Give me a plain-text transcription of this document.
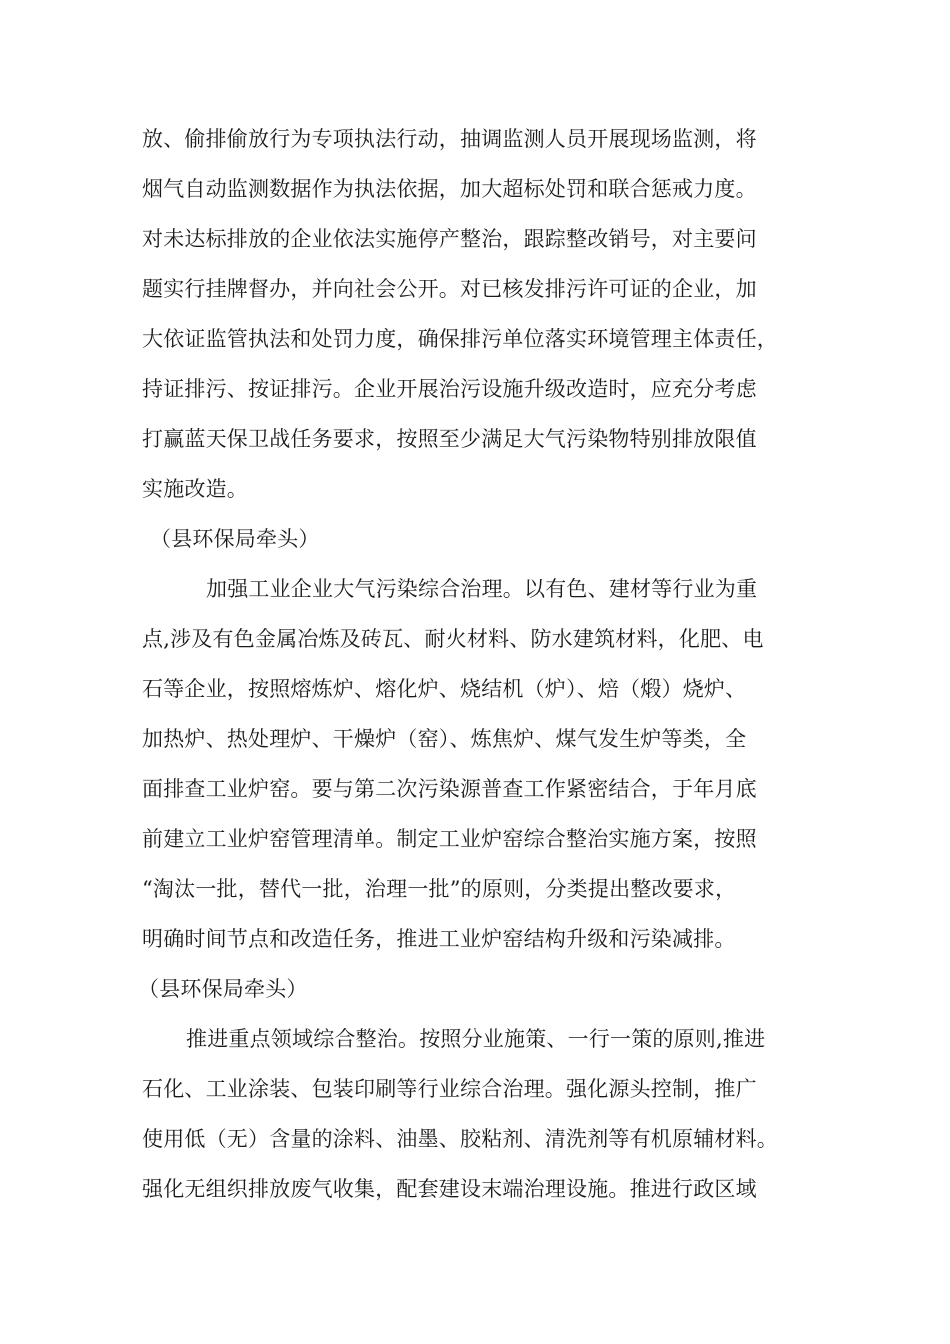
放、偷排偷放行为专项执法行动，抽调监测人员开展现场监测，将
烟气自动监测数据作为执法依据，加大超标处罚和联合惩戒力度。
对未达标排放的企业依法实施停产整治，跟踪整改销号，对主要问
题实行挂牌督办，并向社会公开。对已核发排污许可证的企业，加
大依证监管执法和处罚力度，确保排污单位落实环境管理主体责任，
持证排污、按证排污。企业开展治污设施升级改造时，应充分考虑
打赢蓝天保卫战任务要求，按照至少满足大气污染物特别排放限值
实施改造。
（县环保局牵头）
加强工业企业大气污染综合治理。以有色、建材等行业为重
点,涉及有色金属冶炼及砖瓦、耐火材料、防水建筑材料，化肥、电
石等企业，按照熔炼炉、熔化炉、烧结机（炉）、焙（煅）烧炉、
加热炉、热处理炉、干燥炉（窑）、炼焦炉、煤气发生炉等类，全
面排查工业炉窑。要与第二次污染源普查工作紧密结合，于年月底
前建立工业炉窑管理清单。制定工业炉窑综合整治实施方案，按照
“淘汰一批，替代一批，治理一批”的原则，分类提出整改要求，
明确时间节点和改造任务，推进工业炉窑结构升级和污染减排。
（县环保局牵头）
推进重点领域综合整治。按照分业施策、一行一策的原则,推进
石化、工业涂装、包装印刷等行业综合治理。强化源头控制，推广
使用低（无）含量的涂料、油墨、胶粘剂、清洗剂等有机原辅材料。
强化无组织排放废气收集，配套建设末端治理设施。推进行政区域
